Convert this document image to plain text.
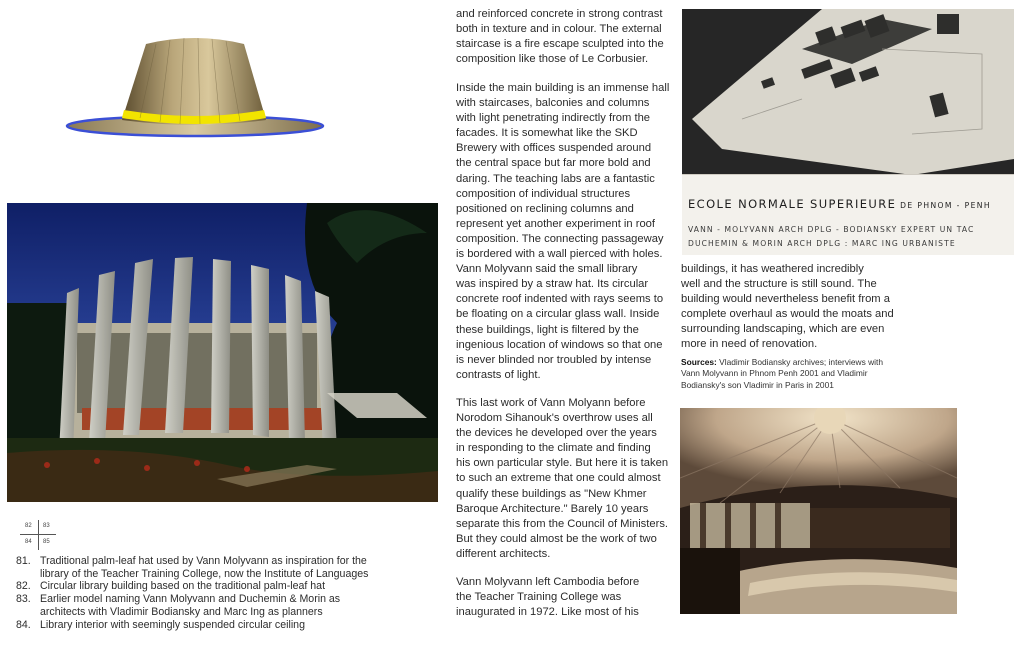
and reinforced concrete in strong contrast
both in texture and in colour. The external
staircase is a fire escape sculpted into the
composition like those of Le Corbusier.

Inside the main building is an immense hall
with staircases, balconies and columns
with light penetrating indirectly from the
facades. It is somewhat like the SKD
Brewery with offices suspended around
the central space but far more bold and
daring. The teaching labs are a fantastic
composition of individual structures
positioned on reclining columns and
represent yet another experiment in roof
composition. The connecting passageway
is bordered with a wall pierced with holes.
Vann Molyvann said the small library
was inspired by a straw hat. Its circular
concrete roof indented with rays seems to
be floating on a circular glass wall. Inside
these buildings, light is filtered by the
ingenious location of windows so that one
is never blinded nor troubled by intense
contrasts of light.

This last work of Vann Molyann before
Norodom Sihanouk's overthrow uses all
the devices he developed over the years
in responding to the climate and finding
his own particular style. But here it is taken
to such an extreme that one could almost
qualify these buildings as "New Khmer
Baroque Architecture." Barely 10 years
separate this from the Council of Ministers.
But they could almost be the work of two
different architects.

Vann Molyvann left Cambodia before
the Teacher Training College was
inaugurated in 1972. Like most of his

ECOLE NORMALE SUPERIEURE DE PHNOM - PENH
VANN - MOLYVANN ARCH DPLG - BODIANSKY EXPERT UN TAC
DUCHEMIN & MORIN ARCH DPLG : MARC ING URBANISTE

buildings, it has weathered incredibly
well and the structure is still sound. The
building would nevertheless benefit from a
complete overhaul as would the moats and
surrounding landscaping, which are even
more in need of renovation.

Sources: Vladimir Bodiansky archives; interviews with Vann Molyvann in Phnom Penh 2001 and Vladimir Bodiansky's son Vladimir in Paris in 2001
82 83
84 85
81. Traditional palm-leaf hat used by Vann Molyvann as inspiration for the library of the Teacher Training College, now the Institute of Languages
82. Circular library building based on the traditional palm-leaf hat
83. Earlier model naming Vann Molyvann and Duchemin & Morin as architects with Vladimir Bodiansky and Marc Ing as planners
84. Library interior with seemingly suspended circular ceiling
